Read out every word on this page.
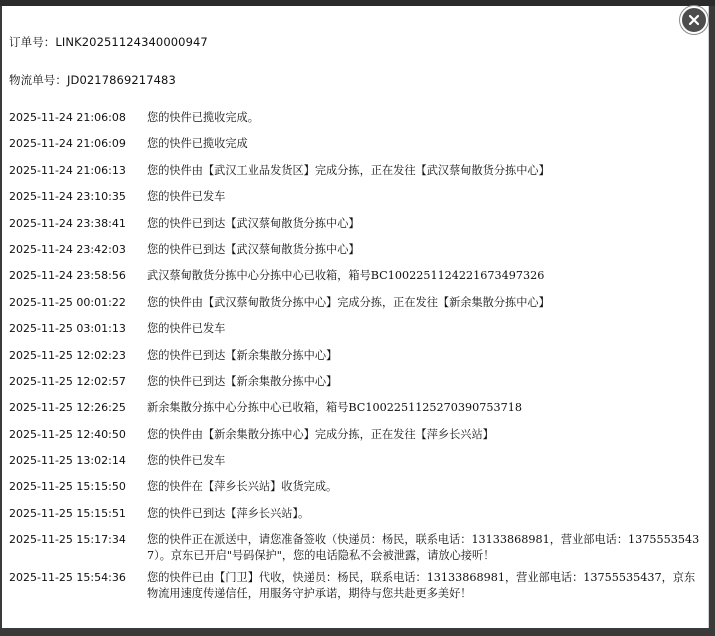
订单号：LINK20251124340000947
物流单号：JD0217869217483
2025-11-24 21:06:08	您的快件已揽收完成。
2025-11-24 21:06:09	您的快件已揽收完成
2025-11-24 21:06:13	您的快件由【武汉工业品发货区】完成分拣，正在发往【武汉蔡甸散货分拣中心】
2025-11-24 23:10:35	您的快件已发车
2025-11-24 23:38:41	您的快件已到达【武汉蔡甸散货分拣中心】
2025-11-24 23:42:03	您的快件已到达【武汉蔡甸散货分拣中心】
2025-11-24 23:58:56	武汉蔡甸散货分拣中心分拣中心已收箱，箱号BC1002251124221673497326
2025-11-25 00:01:22	您的快件由【武汉蔡甸散货分拣中心】完成分拣，正在发往【新余集散分拣中心】
2025-11-25 03:01:13	您的快件已发车
2025-11-25 12:02:23	您的快件已到达【新余集散分拣中心】
2025-11-25 12:02:57	您的快件已到达【新余集散分拣中心】
2025-11-25 12:26:25	新余集散分拣中心分拣中心已收箱，箱号BC1002251125270390753718
2025-11-25 12:40:50	您的快件由【新余集散分拣中心】完成分拣，正在发往【萍乡长兴站】
2025-11-25 13:02:14	您的快件已发车
2025-11-25 15:15:50	您的快件在【萍乡长兴站】收货完成。
2025-11-25 15:15:51	您的快件已到达【萍乡长兴站】。
2025-11-25 15:17:34	您的快件正在派送中，请您准备签收（快递员：杨民，联系电话：13133868981，营业部电话：13755535437）。京东已开启"号码保护"，您的电话隐私不会被泄露，请放心接听！
2025-11-25 15:54:36	您的快件已由【门卫】代收，快递员：杨民，联系电话：13133868981，营业部电话：13755535437，京东物流用速度传递信任，用服务守护承诺，期待与您共赴更多美好！
